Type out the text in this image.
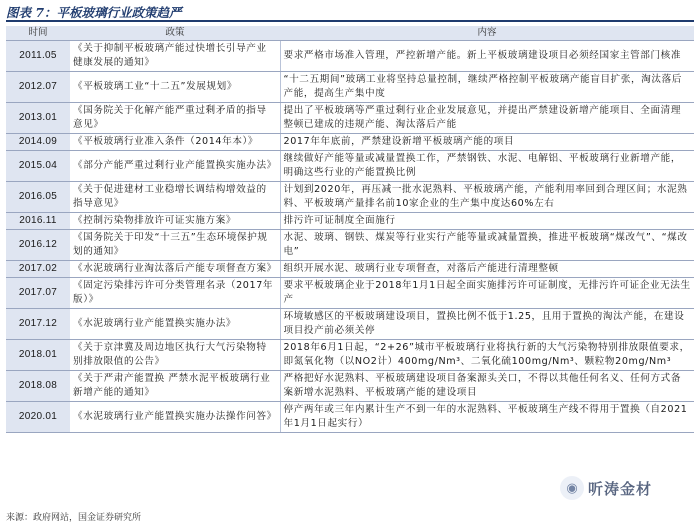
图表 7：平板玻璃行业政策趋严
时间	政策	内容
2011.05	《关于抑制平板玻璃产能过快增长引导产业健康发展的通知》	要求严格市场准入管理，严控新增产能。新上平板玻璃建设项目必须经国家主管部门核准
2012.07	《平板玻璃工业“十二五”发展规划》	“十二五期间”玻璃工业将坚持总量控制，继续严格控制平板玻璃产能盲目扩张，淘汰落后产能，提高生产集中度
2013.01	《国务院关于化解产能严重过剩矛盾的指导意见》	提出了平板玻璃等严重过剩行业企业发展意见，并提出严禁建设新增产能项目、全面清理整顿已建成的违规产能、淘汰落后产能
2014.09	《平板玻璃行业准入条件（2014年本）》	2017年年底前，严禁建设新增平板玻璃产能的项目
2015.04	《部分产能严重过剩行业产能置换实施办法》	继续做好产能等量或减量置换工作，严禁钢铁、水泥、电解铝、平板玻璃行业新增产能，明确这些行业的产能置换比例
2016.05	《关于促进建材工业稳增长调结构增效益的指导意见》	计划到2020年，再压减一批水泥熟料、平板玻璃产能，产能利用率回到合理区间；水泥熟料、平板玻璃产量排名前10家企业的生产集中度达60%左右
2016.11	《控制污染物排放许可证实施方案》	排污许可证制度全面施行
2016.12	《国务院关于印发“十三五”生态环境保护规划的通知》	水泥、玻璃、钢铁、煤炭等行业实行产能等量或减量置换，推进平板玻璃“煤改气”、“煤改电”
2017.02	《水泥玻璃行业淘汰落后产能专项督查方案》	组织开展水泥、玻璃行业专项督查，对落后产能进行清理整顿
2017.07	《固定污染排污许可分类管理名录（2017年版）》	要求平板玻璃企业于2018年1月1日起全面实施排污许可证制度，无排污许可证企业无法生产
2017.12	《水泥玻璃行业产能置换实施办法》	环境敏感区的平板玻璃建设项目，置换比例不低于1.25，且用于置换的淘汰产能，在建设项目投产前必须关停
2018.01	《关于京津冀及周边地区执行大气污染物特别排放限值的公告》	2018年6月1日起，“2+26”城市平板玻璃行业将执行新的大气污染物特别排放限值要求，即氮氧化物（以NO2计）400mg/Nm³、二氧化硫100mg/Nm³、颗粒物20mg/Nm³
2018.08	《关于严肃产能置换 严禁水泥平板玻璃行业新增产能的通知》	严格把好水泥熟料、平板玻璃建设项目备案源头关口，不得以其他任何名义、任何方式备案新增水泥熟料、平板玻璃产能的建设项目
2020.01	《水泥玻璃行业产能置换实施办法操作问答》	停产两年或三年内累计生产不到一年的水泥熟料、平板玻璃生产线不得用于置换（自2021年1月1日起实行）
来源：政府网站，国金证券研究所
◉ 听涛金材
